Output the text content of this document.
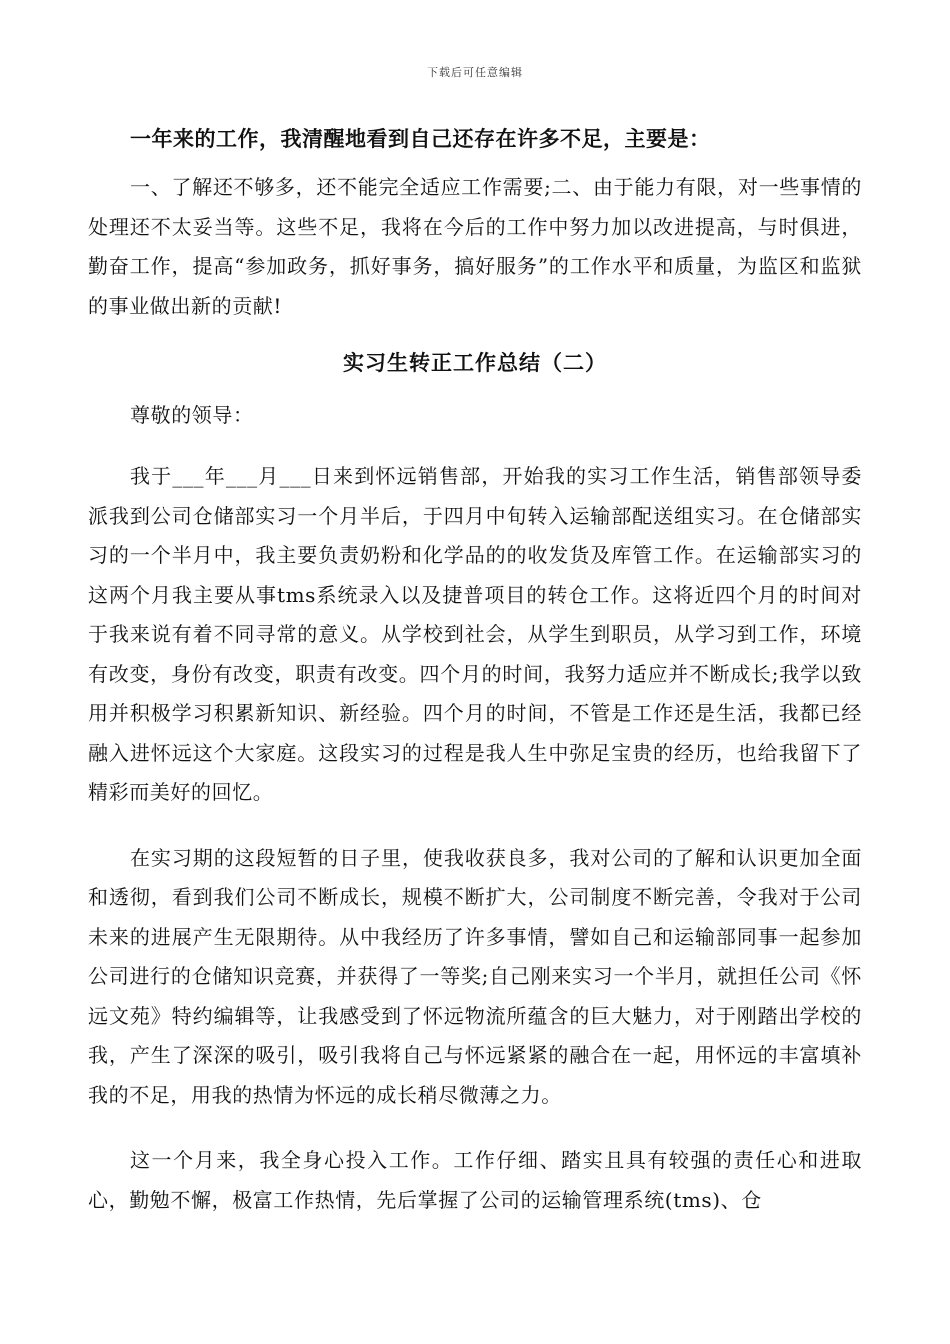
下载后可任意编辑

一年来的工作，我清醒地看到自己还存在许多不足，主要是：

一、了解还不够多，还不能完全适应工作需要;二、由于能力有限，对一些事情的处理还不太妥当等。这些不足，我将在今后的工作中努力加以改进提高，与时俱进，勤奋工作，提高“参加政务，抓好事务，搞好服务”的工作水平和质量，为监区和监狱的事业做出新的贡献!

实习生转正工作总结（二）

尊敬的领导：

我于___年___月___日来到怀远销售部，开始我的实习工作生活，销售部领导委派我到公司仓储部实习一个月半后，于四月中旬转入运输部配送组实习。在仓储部实习的一个半月中，我主要负责奶粉和化学品的的收发货及库管工作。在运输部实习的这两个月我主要从事tms系统录入以及捷普项目的转仓工作。这将近四个月的时间对于我来说有着不同寻常的意义。从学校到社会，从学生到职员，从学习到工作，环境有改变，身份有改变，职责有改变。四个月的时间，我努力适应并不断成长;我学以致用并积极学习积累新知识、新经验。四个月的时间，不管是工作还是生活，我都已经融入进怀远这个大家庭。这段实习的过程是我人生中弥足宝贵的经历，也给我留下了精彩而美好的回忆。

在实习期的这段短暂的日子里，使我收获良多，我对公司的了解和认识更加全面和透彻，看到我们公司不断成长，规模不断扩大，公司制度不断完善，令我对于公司未来的进展产生无限期待。从中我经历了许多事情，譬如自己和运输部同事一起参加公司进行的仓储知识竞赛，并获得了一等奖;自己刚来实习一个半月，就担任公司《怀远文苑》特约编辑等，让我感受到了怀远物流所蕴含的巨大魅力，对于刚踏出学校的我，产生了深深的吸引，吸引我将自己与怀远紧紧的融合在一起，用怀远的丰富填补我的不足，用我的热情为怀远的成长稍尽微薄之力。

这一个月来，我全身心投入工作。工作仔细、踏实且具有较强的责任心和进取心，勤勉不懈，极富工作热情，先后掌握了公司的运输管理系统(tms)、仓
